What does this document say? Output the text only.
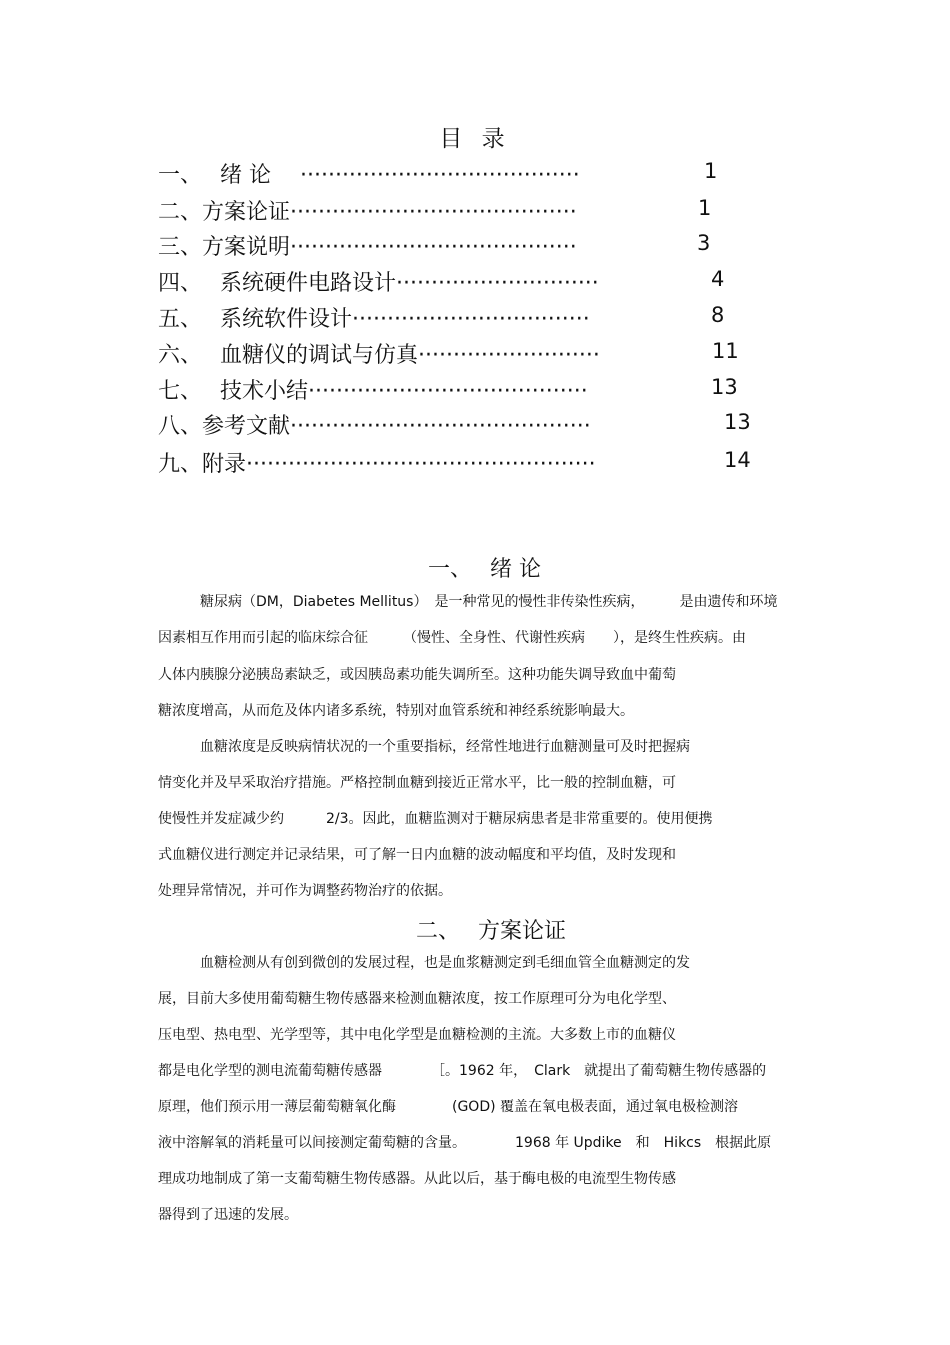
目 录
一、　 绪 论　 ········································	1
二、方案论证·········································	1
三、方案说明·········································	3
四、　 系统硬件电路设计·····························	4
五、　 系统软件设计··································	8
六、　 血糖仪的调试与仿真··························	11
七、　 技术小结········································	13
八、参考文献···········································	13
九、附录··················································	14
一、　 绪 论
　　　糖尿病（DM，Diabetes Mellitus）　是一种常见的慢性非传染性疾病，　　　是由遗传和环境
因素相互作用而引起的临床综合征　　　（慢性、全身性、代谢性疾病　　），是终生性疾病。由
人体内胰腺分泌胰岛素缺乏，或因胰岛素功能失调所至。这种功能失调导致血中葡萄
糖浓度增高，从而危及体内诸多系统，特别对血管系统和神经系统影响最大。
　　　血糖浓度是反映病情状况的一个重要指标，经常性地进行血糖测量可及时把握病
情变化并及早采取治疗措施。严格控制血糖到接近正常水平，比一般的控制血糖，可
使慢性并发症减少约　　　2/3。因此，血糖监测对于糖尿病患者是非常重要的。使用便携
式血糖仪进行测定并记录结果，可了解一日内血糖的波动幅度和平均值，及时发现和
处理异常情况，并可作为调整药物治疗的依据。
二、　 方案论证
　　　血糖检测从有创到微创的发展过程，也是血浆糖测定到毛细血管全血糖测定的发
展，目前大多使用葡萄糖生物传感器来检测血糖浓度，按工作原理可分为电化学型、
压电型、热电型、光学型等，其中电化学型是血糖检测的主流。大多数上市的血糖仪
都是电化学型的测电流葡萄糖传感器　　　　［。1962 年，　Clark　就提出了葡萄糖生物传感器的
原理，他们预示用一薄层葡萄糖氧化酶　　　　(GOD) 覆盖在氧电极表面，通过氧电极检测溶
液中溶解氧的消耗量可以间接测定葡萄糖的含量。　　　　1968 年 Updike　和　Hikcs　根据此原
理成功地制成了第一支葡萄糖生物传感器。从此以后，基于酶电极的电流型生物传感
器得到了迅速的发展。
